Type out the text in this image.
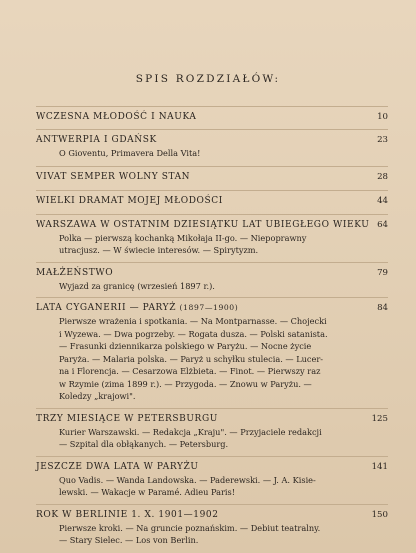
SPIS ROZDZIAŁÓW:
WCZESNA MŁODOŚĆ I NAUKA	10
ANTWERPIA I GDAŃSK	23
O Gioventu, Primavera Della Vita!
VIVAT SEMPER WOLNY STAN	28
WIELKI DRAMAT MOJEJ MŁODOŚCI	44
WARSZAWA W OSTATNIM DZIESIĄTKU LAT UBIEGŁEGO WIEKU 64
Polka — pierwszą kochanką Mikołaja II-go. — Niepoprawny
utracjusz. — W świecie interesów. — Spirytyzm.
MAŁŻEŃSTWO	79
Wyjazd za granicę (wrzesień 1897 r.).
LATA CYGANERII — PARYŻ (1897—1900)	84
Pierwsze wrażenia i spotkania. — Na Montparnasse. — Chojecki
i Wyzewa. — Dwa pogrzeby. — Rogata dusza. — Polski satanista.
— Frasunki dziennikarza polskiego w Paryżu. — Nocne życie
Paryża. — Malaria polska. — Paryż u schyłku stulecia. — Lucer-
na i Florencja. — Cesarzowa Elżbieta. — Finot. — Pierwszy raz
w Rzymie (zima 1899 r.). — Przygoda. — Znowu w Paryżu. —
Koledzy „krajowi".
TRZY MIESIĄCE W PETERSBURGU	125
Kurier Warszawski. — Redakcja „Kraju". — Przyjaciele redakcji
— Szpital dla obłąkanych. — Petersburg.
JESZCZE DWA LATA W PARYŻU	141
Quo Vadis. — Wanda Landowska. — Paderewski. — J. A. Kisie-
lewski. — Wakacje w Paramé. Adieu Paris!
ROK W BERLINIE 1. X. 1901—1902	150
Pierwsze kroki. — Na gruncie poznańskim. — Debiut teatralny.
— Stary Sielec. — Los von Berlin.
